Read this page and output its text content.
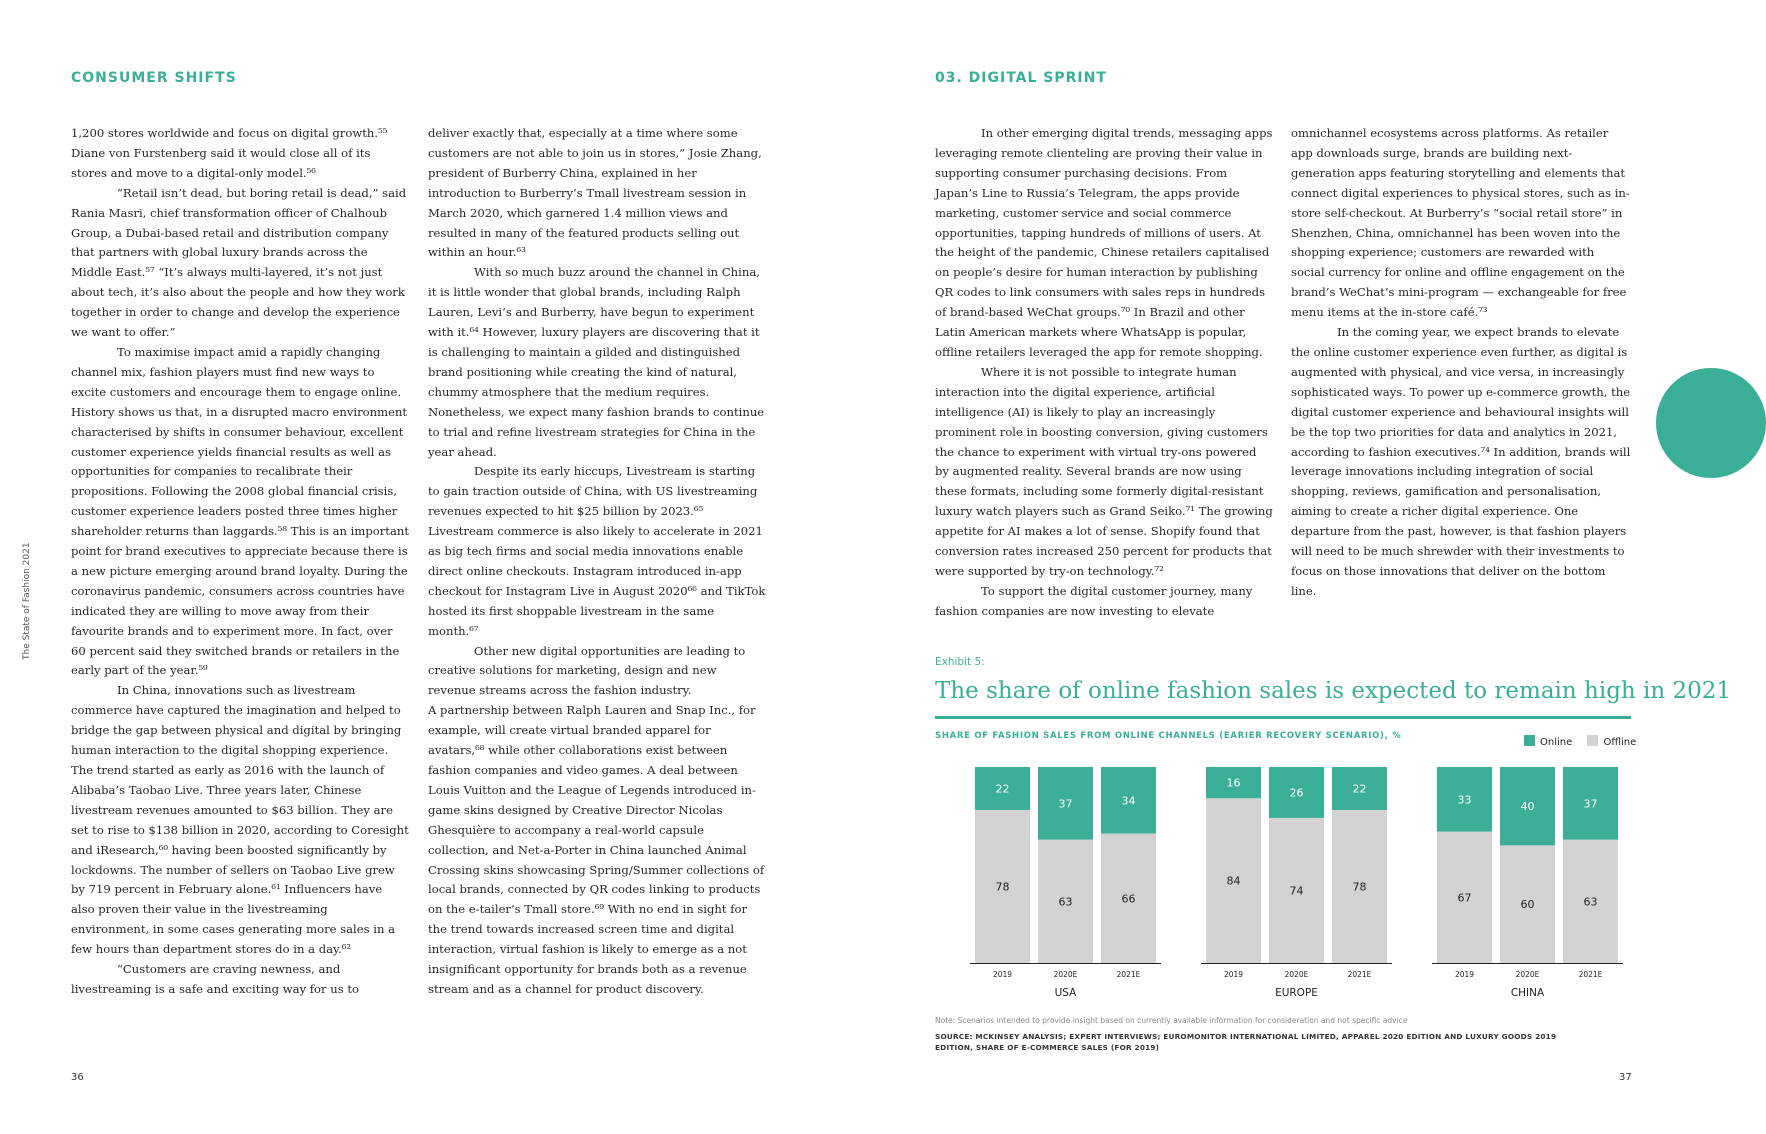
CONSUMER SHIFTS
The State of Fashion 2021

1,200 stores worldwide and focus on digital growth.⁵⁵ Diane von Furstenberg said it would close all of its stores and move to a digital-only model.⁵⁶

“Retail isn’t dead, but boring retail is dead,” said Rania Masri, chief transformation officer of Chalhoub Group, a Dubai-based retail and distribution company that partners with global luxury brands across the Middle East.⁵⁷ “It’s always multi-layered, it’s not just about tech, it’s also about the people and how they work together in order to change and develop the experience we want to offer.”

To maximise impact amid a rapidly changing channel mix, fashion players must find new ways to excite customers and encourage them to engage online. History shows us that, in a disrupted macro environment characterised by shifts in consumer behaviour, excellent customer experience yields financial results as well as opportunities for companies to recalibrate their propositions. Following the 2008 global financial crisis, customer experience leaders posted three times higher shareholder returns than laggards.⁵⁸ This is an important point for brand executives to appreciate because there is a new picture emerging around brand loyalty. During the coronavirus pandemic, consumers across countries have indicated they are willing to move away from their favourite brands and to experiment more. In fact, over 60 percent said they switched brands or retailers in the early part of the year.⁵⁹

In China, innovations such as livestream commerce have captured the imagination and helped to bridge the gap between physical and digital by bringing human interaction to the digital shopping experience. The trend started as early as 2016 with the launch of Alibaba’s Taobao Live. Three years later, Chinese livestream revenues amounted to $63 billion. They are set to rise to $138 billion in 2020, according to Coresight and iResearch,⁶⁰ having been boosted significantly by lockdowns. The number of sellers on Taobao Live grew by 719 percent in February alone.⁶¹ Influencers have also proven their value in the livestreaming environment, in some cases generating more sales in a few hours than department stores do in a day.⁶²

“Customers are craving newness, and livestreaming is a safe and exciting way for us to

deliver exactly that, especially at a time where some customers are not able to join us in stores,” Josie Zhang, president of Burberry China, explained in her introduction to Burberry’s Tmall livestream session in March 2020, which garnered 1.4 million views and resulted in many of the featured products selling out within an hour.⁶³

With so much buzz around the channel in China, it is little wonder that global brands, including Ralph Lauren, Levi’s and Burberry, have begun to experiment with it.⁶⁴ However, luxury players are discovering that it is challenging to maintain a gilded and distinguished brand positioning while creating the kind of natural, chummy atmosphere that the medium requires. Nonetheless, we expect many fashion brands to continue to trial and refine livestream strategies for China in the year ahead.

Despite its early hiccups, Livestream is starting to gain traction outside of China, with US livestreaming revenues expected to hit $25 billion by 2023.⁶⁵ Livestream commerce is also likely to accelerate in 2021 as big tech firms and social media innovations enable direct online checkouts. Instagram introduced in-app checkout for Instagram Live in August 2020⁶⁶ and TikTok hosted its first shoppable livestream in the same month.⁶⁷

Other new digital opportunities are leading to creative solutions for marketing, design and new revenue streams across the fashion industry.

A partnership between Ralph Lauren and Snap Inc., for example, will create virtual branded apparel for avatars,⁶⁸ while other collaborations exist between fashion companies and video games. A deal between Louis Vuitton and the League of Legends introduced in-game skins designed by Creative Director Nicolas Ghesquière to accompany a real-world capsule collection, and Net-a-Porter in China launched Animal Crossing skins showcasing Spring/Summer collections of local brands, connected by QR codes linking to products on the e-tailer’s Tmall store.⁶⁹ With no end in sight for the trend towards increased screen time and digital interaction, virtual fashion is likely to emerge as a not insignificant opportunity for brands both as a revenue stream and as a channel for product discovery.

36
03. DIGITAL SPRINT

In other emerging digital trends, messaging apps leveraging remote clienteling are proving their value in supporting consumer purchasing decisions. From Japan’s Line to Russia’s Telegram, the apps provide marketing, customer service and social commerce opportunities, tapping hundreds of millions of users. At the height of the pandemic, Chinese retailers capitalised on people’s desire for human interaction by publishing QR codes to link consumers with sales reps in hundreds of brand-based WeChat groups.⁷⁰ In Brazil and other Latin American markets where WhatsApp is popular, offline retailers leveraged the app for remote shopping.

Where it is not possible to integrate human interaction into the digital experience, artificial intelligence (AI) is likely to play an increasingly prominent role in boosting conversion, giving customers the chance to experiment with virtual try-ons powered by augmented reality. Several brands are now using these formats, including some formerly digital-resistant luxury watch players such as Grand Seiko.⁷¹ The growing appetite for AI makes a lot of sense. Shopify found that conversion rates increased 250 percent for products that were supported by try-on technology.⁷²

To support the digital customer journey, many fashion companies are now investing to elevate

omnichannel ecosystems across platforms. As retailer app downloads surge, brands are building next-generation apps featuring storytelling and elements that connect digital experiences to physical stores, such as in-store self-checkout. At Burberry’s “social retail store” in Shenzhen, China, omnichannel has been woven into the shopping experience; customers are rewarded with social currency for online and offline engagement on the brand’s WeChat’s mini-program — exchangeable for free menu items at the in-store café.⁷³

In the coming year, we expect brands to elevate the online customer experience even further, as digital is augmented with physical, and vice versa, in increasingly sophisticated ways. To power up e-commerce growth, the digital customer experience and behavioural insights will be the top two priorities for data and analytics in 2021, according to fashion executives.⁷⁴ In addition, brands will leverage innovations including integration of social shopping, reviews, gamification and personalisation, aiming to create a richer digital experience. One departure from the past, however, is that fashion players will need to be much shrewder with their investments to focus on those innovations that deliver on the bottom line.

Exhibit 5:
The share of online fashion sales is expected to remain high in 2021
SHARE OF FASHION SALES FROM ONLINE CHANNELS (EARIER RECOVERY SCENARIO), %
Online	Offline
22
78
2019
37
63
2020E
34
66
2021E
USA
16
84
2019
26
74
2020E
22
78
2021E
EUROPE
33
67
2019
40
60
2020E
37
63
2021E
CHINA
Note: Scenarios intended to provide insight based on currently available information for consideration and not specific advice
SOURCE: MCKINSEY ANALYSIS; EXPERT INTERVIEWS; EUROMONITOR INTERNATIONAL LIMITED, APPAREL 2020 EDITION AND LUXURY GOODS 2019 EDITION, SHARE OF E-COMMERCE SALES (FOR 2019)
37
